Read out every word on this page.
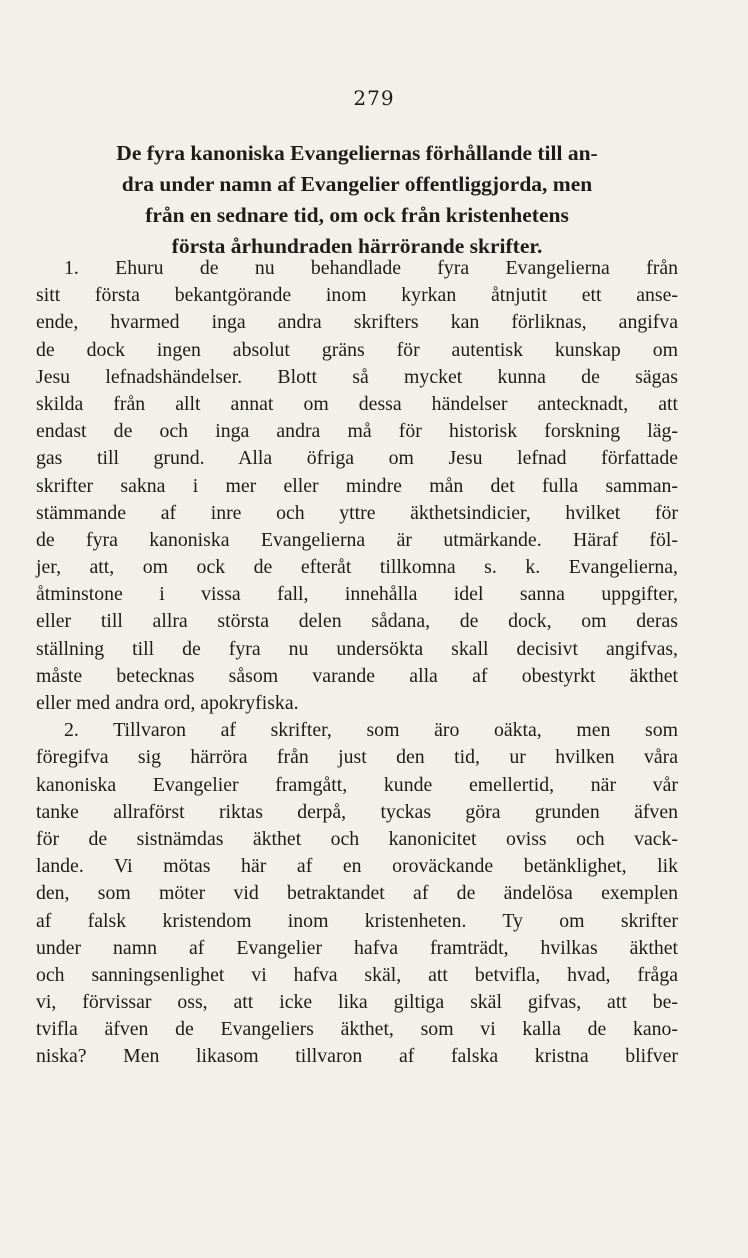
279
De fyra kanoniska Evangeliernas förhållande till an-
dra under namn af Evangelier offentliggjorda, men
från en sednare tid, om ock från kristenhetens
första århundraden härrörande skrifter.
1. Ehuru de nu behandlade fyra Evangelierna från
sitt första bekantgörande inom kyrkan åtnjutit ett anse-
ende, hvarmed inga andra skrifters kan förliknas, angifva
de dock ingen absolut gräns för autentisk kunskap om
Jesu lefnadshändelser. Blott så mycket kunna de sägas
skilda från allt annat om dessa händelser antecknadt, att
endast de och inga andra må för historisk forskning läg-
gas till grund. Alla öfriga om Jesu lefnad författade
skrifter sakna i mer eller mindre mån det fulla samman-
stämmande af inre och yttre äkthetsindicier, hvilket för
de fyra kanoniska Evangelierna är utmärkande. Häraf föl-
jer, att, om ock de efteråt tillkomna s. k. Evangelierna,
åtminstone i vissa fall, innehålla idel sanna uppgifter,
eller till allra största delen sådana, de dock, om deras
ställning till de fyra nu undersökta skall decisivt angifvas,
måste betecknas såsom varande alla af obestyrkt äkthet
eller med andra ord, apokryfiska.
2. Tillvaron af skrifter, som äro oäkta, men som
föregifva sig härröra från just den tid, ur hvilken våra
kanoniska Evangelier framgått, kunde emellertid, när vår
tanke allraförst riktas derpå, tyckas göra grunden äfven
för de sistnämdas äkthet och kanonicitet oviss och vack-
lande. Vi mötas här af en oroväckande betänklighet, lik
den, som möter vid betraktandet af de ändelösa exemplen
af falsk kristendom inom kristenheten. Ty om skrifter
under namn af Evangelier hafva framträdt, hvilkas äkthet
och sanningsenlighet vi hafva skäl, att betvifla, hvad, fråga
vi, förvissar oss, att icke lika giltiga skäl gifvas, att be-
tvifla äfven de Evangeliers äkthet, som vi kalla de kano-
niska? Men likasom tillvaron af falska kristna blifver
